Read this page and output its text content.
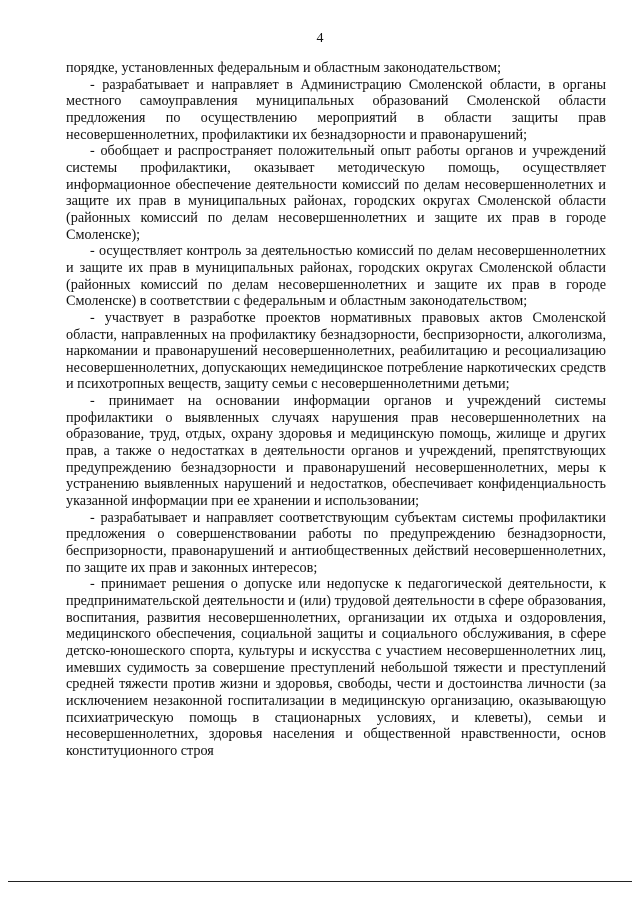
4

порядке, установленных федеральным и областным законодательством;

- разрабатывает и направляет в Администрацию Смоленской области, в органы местного самоуправления муниципальных образований Смоленской области предложения по осуществлению мероприятий в области защиты прав несовершеннолетних, профилактики их безнадзорности и правонарушений;

- обобщает и распространяет положительный опыт работы органов и учреждений системы профилактики, оказывает методическую помощь, осуществляет информационное обеспечение деятельности комиссий по делам несовершеннолетних и защите их прав в муниципальных районах, городских округах Смоленской области (районных комиссий по делам несовершеннолетних и защите их прав в городе Смоленске);

- осуществляет контроль за деятельностью комиссий по делам несовершеннолетних и защите их прав в муниципальных районах, городских округах Смоленской области (районных комиссий по делам несовершеннолетних и защите их прав в городе Смоленске) в соответствии с федеральным и областным законодательством;

- участвует в разработке проектов нормативных правовых актов Смоленской области, направленных на профилактику безнадзорности, беспризорности, алкоголизма, наркомании и правонарушений несовершеннолетних, реабилитацию и ресоциализацию несовершеннолетних, допускающих немедицинское потребление наркотических средств и психотропных веществ, защиту семьи с несовершеннолетними детьми;

- принимает на основании информации органов и учреждений системы профилактики о выявленных случаях нарушения прав несовершеннолетних на образование, труд, отдых, охрану здоровья и медицинскую помощь, жилище и других прав, а также о недостатках в деятельности органов и учреждений, препятствующих предупреждению безнадзорности и правонарушений несовершеннолетних, меры к устранению выявленных нарушений и недостатков, обеспечивает конфиденциальность указанной информации при ее хранении и использовании;

- разрабатывает и направляет соответствующим субъектам системы профилактики предложения о совершенствовании работы по предупреждению безнадзорности, беспризорности, правонарушений и антиобщественных действий несовершеннолетних, по защите их прав и законных интересов;

- принимает решения о допуске или недопуске к педагогической деятельности, к предпринимательской деятельности и (или) трудовой деятельности в сфере образования, воспитания, развития несовершеннолетних, организации их отдыха и оздоровления, медицинского обеспечения, социальной защиты и социального обслуживания, в сфере детско-юношеского спорта, культуры и искусства с участием несовершеннолетних лиц, имевших судимость за совершение преступлений небольшой тяжести и преступлений средней тяжести против жизни и здоровья, свободы, чести и достоинства личности (за исключением незаконной госпитализации в медицинскую организацию, оказывающую психиатрическую помощь в стационарных условиях, и клеветы), семьи и несовершеннолетних, здоровья населения и общественной нравственности, основ конституционного строя
